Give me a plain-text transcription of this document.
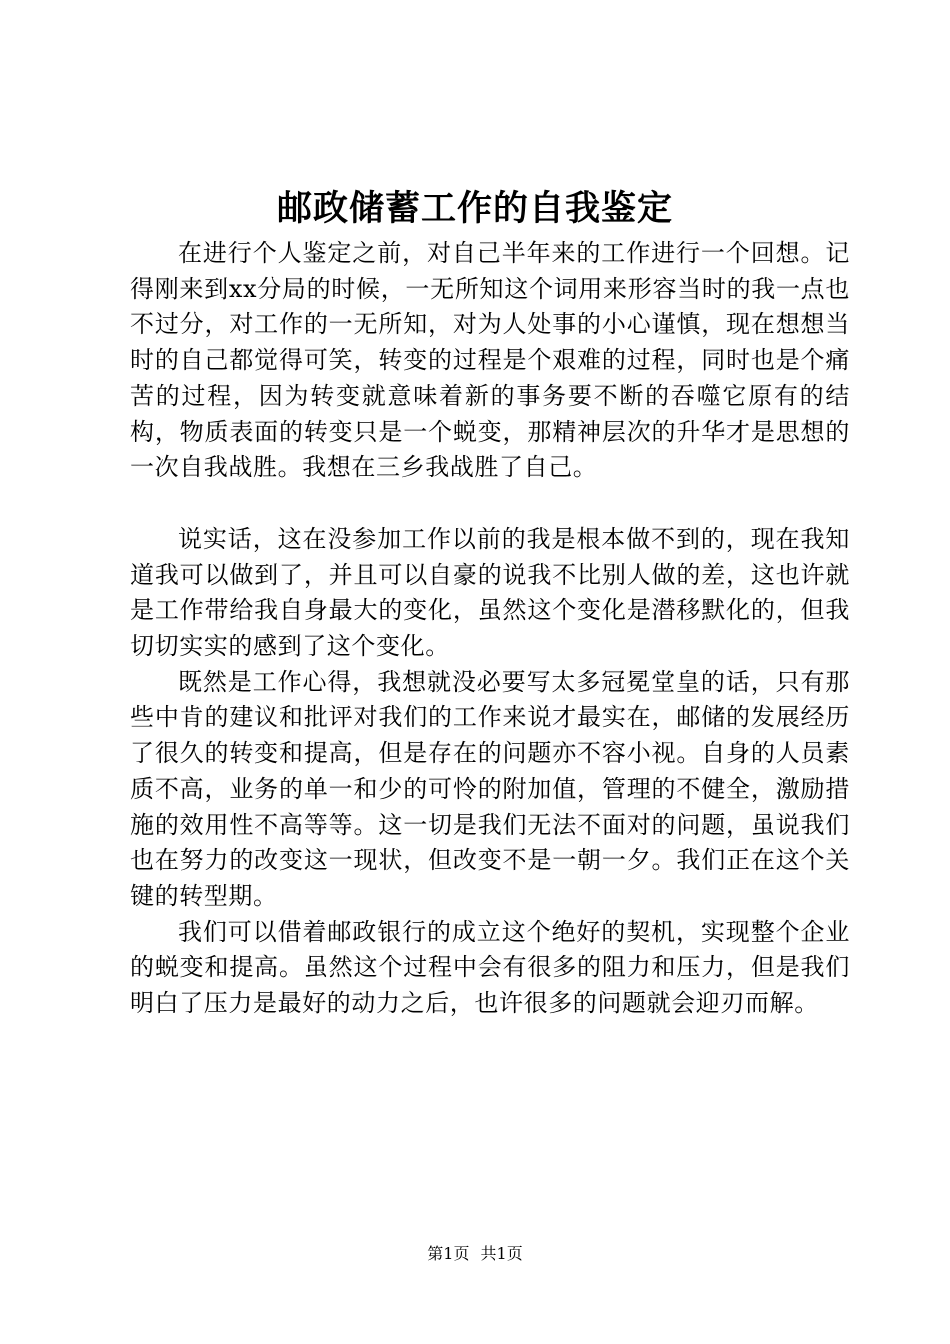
邮政储蓄工作的自我鉴定

在进行个人鉴定之前，对自己半年来的工作进行一个回想。记得刚来到xx分局的时候，一无所知这个词用来形容当时的我一点也不过分，对工作的一无所知，对为人处事的小心谨慎，现在想想当时的自己都觉得可笑，转变的过程是个艰难的过程，同时也是个痛苦的过程，因为转变就意味着新的事务要不断的吞噬它原有的结构，物质表面的转变只是一个蜕变，那精神层次的升华才是思想的一次自我战胜。我想在三乡我战胜了自己。

说实话，这在没参加工作以前的我是根本做不到的，现在我知道我可以做到了，并且可以自豪的说我不比别人做的差，这也许就是工作带给我自身最大的变化，虽然这个变化是潜移默化的，但我切切实实的感到了这个变化。

既然是工作心得，我想就没必要写太多冠冕堂皇的话，只有那些中肯的建议和批评对我们的工作来说才最实在，邮储的发展经历了很久的转变和提高，但是存在的问题亦不容小视。自身的人员素质不高，业务的单一和少的可怜的附加值，管理的不健全，激励措施的效用性不高等等。这一切是我们无法不面对的问题，虽说我们也在努力的改变这一现状，但改变不是一朝一夕。我们正在这个关键的转型期。

我们可以借着邮政银行的成立这个绝好的契机，实现整个企业的蜕变和提高。虽然这个过程中会有很多的阻力和压力，但是我们明白了压力是最好的动力之后，也许很多的问题就会迎刃而解。

第1页 共1页
